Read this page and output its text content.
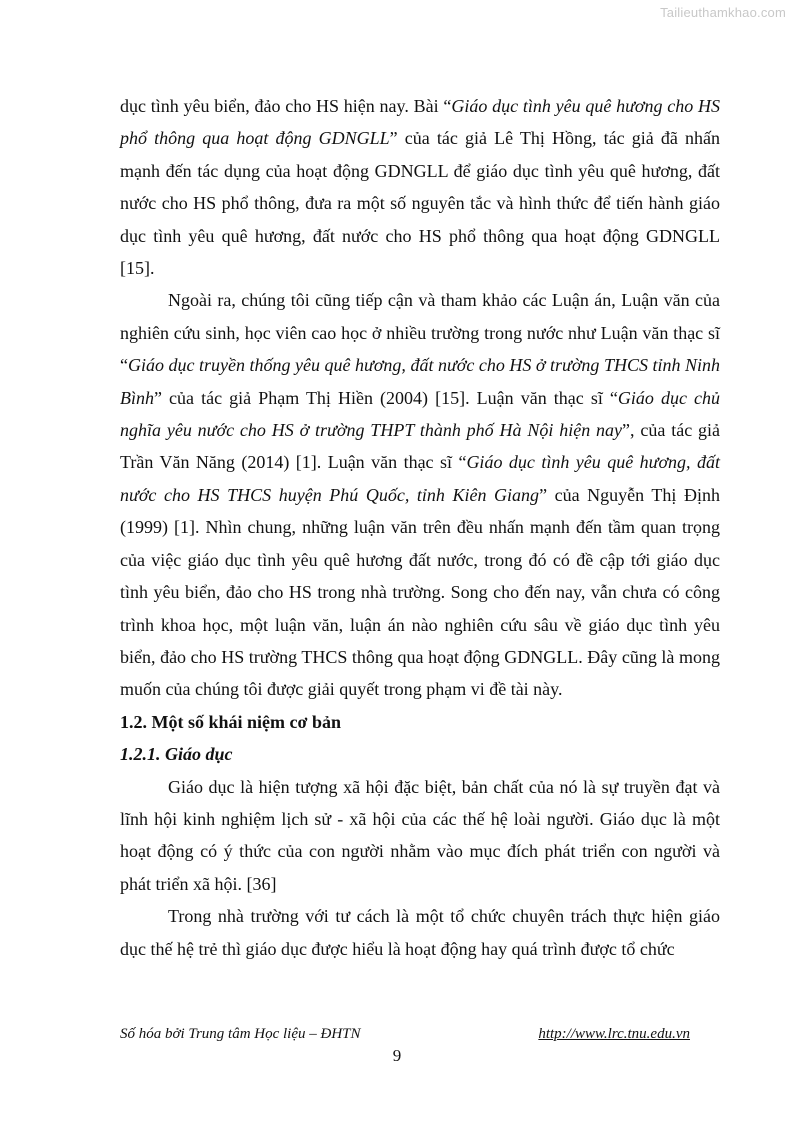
Tailieuthamkhao.com

dục tình yêu biển, đảo cho HS hiện nay. Bài “Giáo dục tình yêu quê hương cho HS phổ thông qua hoạt động GDNGLL” của tác giả Lê Thị Hồng, tác giả đã nhấn mạnh đến tác dụng của hoạt động GDNGLL để giáo dục tình yêu quê hương, đất nước cho HS phổ thông, đưa ra một số nguyên tắc và hình thức để tiến hành giáo dục tình yêu quê hương, đất nước cho HS phổ thông qua hoạt động GDNGLL [15].

Ngoài ra, chúng tôi cũng tiếp cận và tham khảo các Luận án, Luận văn của nghiên cứu sinh, học viên cao học ở nhiều trường trong nước như Luận văn thạc sĩ “Giáo dục truyền thống yêu quê hương, đất nước cho HS ở trường THCS tỉnh Ninh Bình” của tác giả Phạm Thị Hiền (2004) [15]. Luận văn thạc sĩ “Giáo dục chủ nghĩa yêu nước cho HS ở trường THPT thành phố Hà Nội hiện nay”, của tác giả Trần Văn Năng (2014) [1]. Luận văn thạc sĩ “Giáo dục tình yêu quê hương, đất nước cho HS THCS huyện Phú Quốc, tỉnh Kiên Giang” của Nguyễn Thị Định (1999) [1]. Nhìn chung, những luận văn trên đều nhấn mạnh đến tầm quan trọng của việc giáo dục tình yêu quê hương đất nước, trong đó có đề cập tới giáo dục tình yêu biển, đảo cho HS trong nhà trường. Song cho đến nay, vẫn chưa có công trình khoa học, một luận văn, luận án nào nghiên cứu sâu về giáo dục tình yêu biển, đảo cho HS trường THCS thông qua hoạt động GDNGLL. Đây cũng là mong muốn của chúng tôi được giải quyết trong phạm vi đề tài này.

1.2. Một số khái niệm cơ bản

1.2.1. Giáo dục

Giáo dục là hiện tượng xã hội đặc biệt, bản chất của nó là sự truyền đạt và lĩnh hội kinh nghiệm lịch sử - xã hội của các thế hệ loài người. Giáo dục là một hoạt động có ý thức của con người nhằm vào mục đích phát triển con người và phát triển xã hội. [36]

Trong nhà trường với tư cách là một tổ chức chuyên trách thực hiện giáo dục thế hệ trẻ thì giáo dục được hiểu là hoạt động hay quá trình được tổ chức

Số hóa bởi Trung tâm Học liệu – ĐHTN	http://www.lrc.tnu.edu.vn
9
